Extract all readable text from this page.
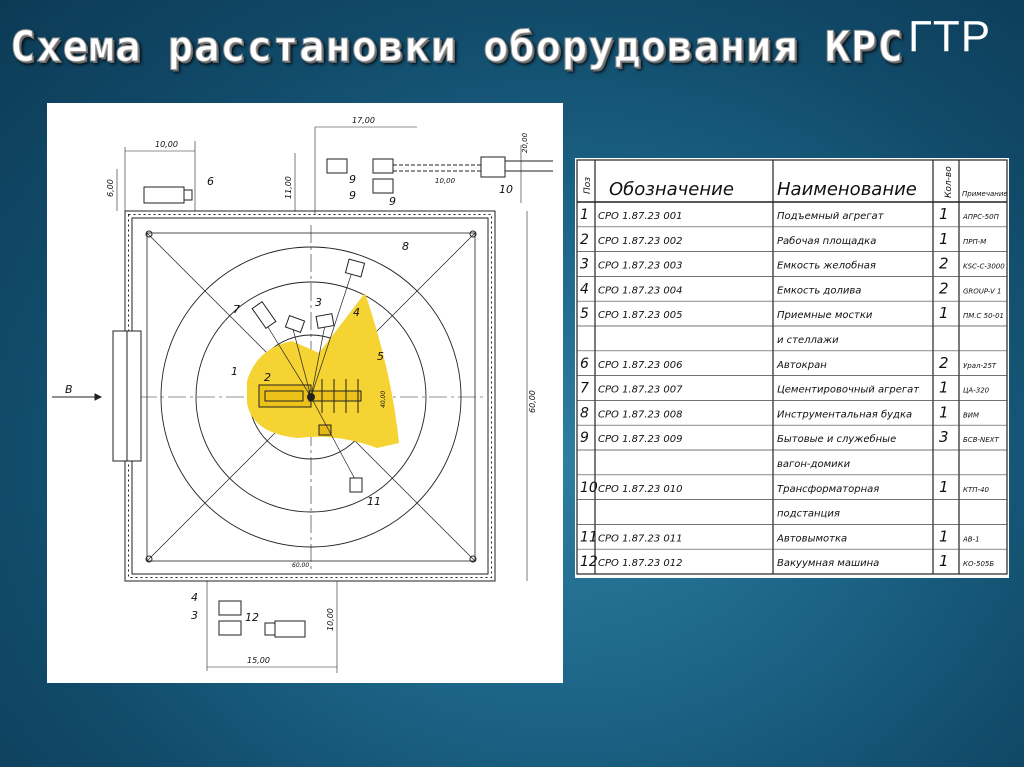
Схема расстановки оборудования КРС ГТР
В
10,00
6,00
17,00
11,00	10,00
20,00
60,00
60,00
40,00
10,00
15,00
1 2
3
4
5
6
7
8
9
9	9
10
11
4
3	12
Поз Обозначение Наименование	Кол-во Примечание
1 СРО 1.87.23 001	Подъемный агрегат	1 АПРС-50П
2 СРО 1.87.23 002	Рабочая площадка	1 ПРП-М
3 СРО 1.87.23 003	Емкость желобная	2 KSC-C-3000
4 СРО 1.87.23 004	Емкость долива	2 GROUP-V 1
5 СРО 1.87.23 005	Приемные мостки	1 ПМ.С 50-01
и стеллажи
6 СРО 1.87.23 006	Автокран	2 Урал-25Т
7 СРО 1.87.23 007	Цементировочный агрегат 1 ЦА-320
8 СРО 1.87.23 008	Инструментальная будка 1 ВИМ
9 СРО 1.87.23 009	Бытовые и служебные	3 БСВ-NEXT
вагон-домики
10 СРО 1.87.23 010	Трансформаторная	1 КТП-40
подстанция
11 СРО 1.87.23 011	Автовымотка	1 АВ-1
12 СРО 1.87.23 012	Вакуумная машина	1 КО-505Б
